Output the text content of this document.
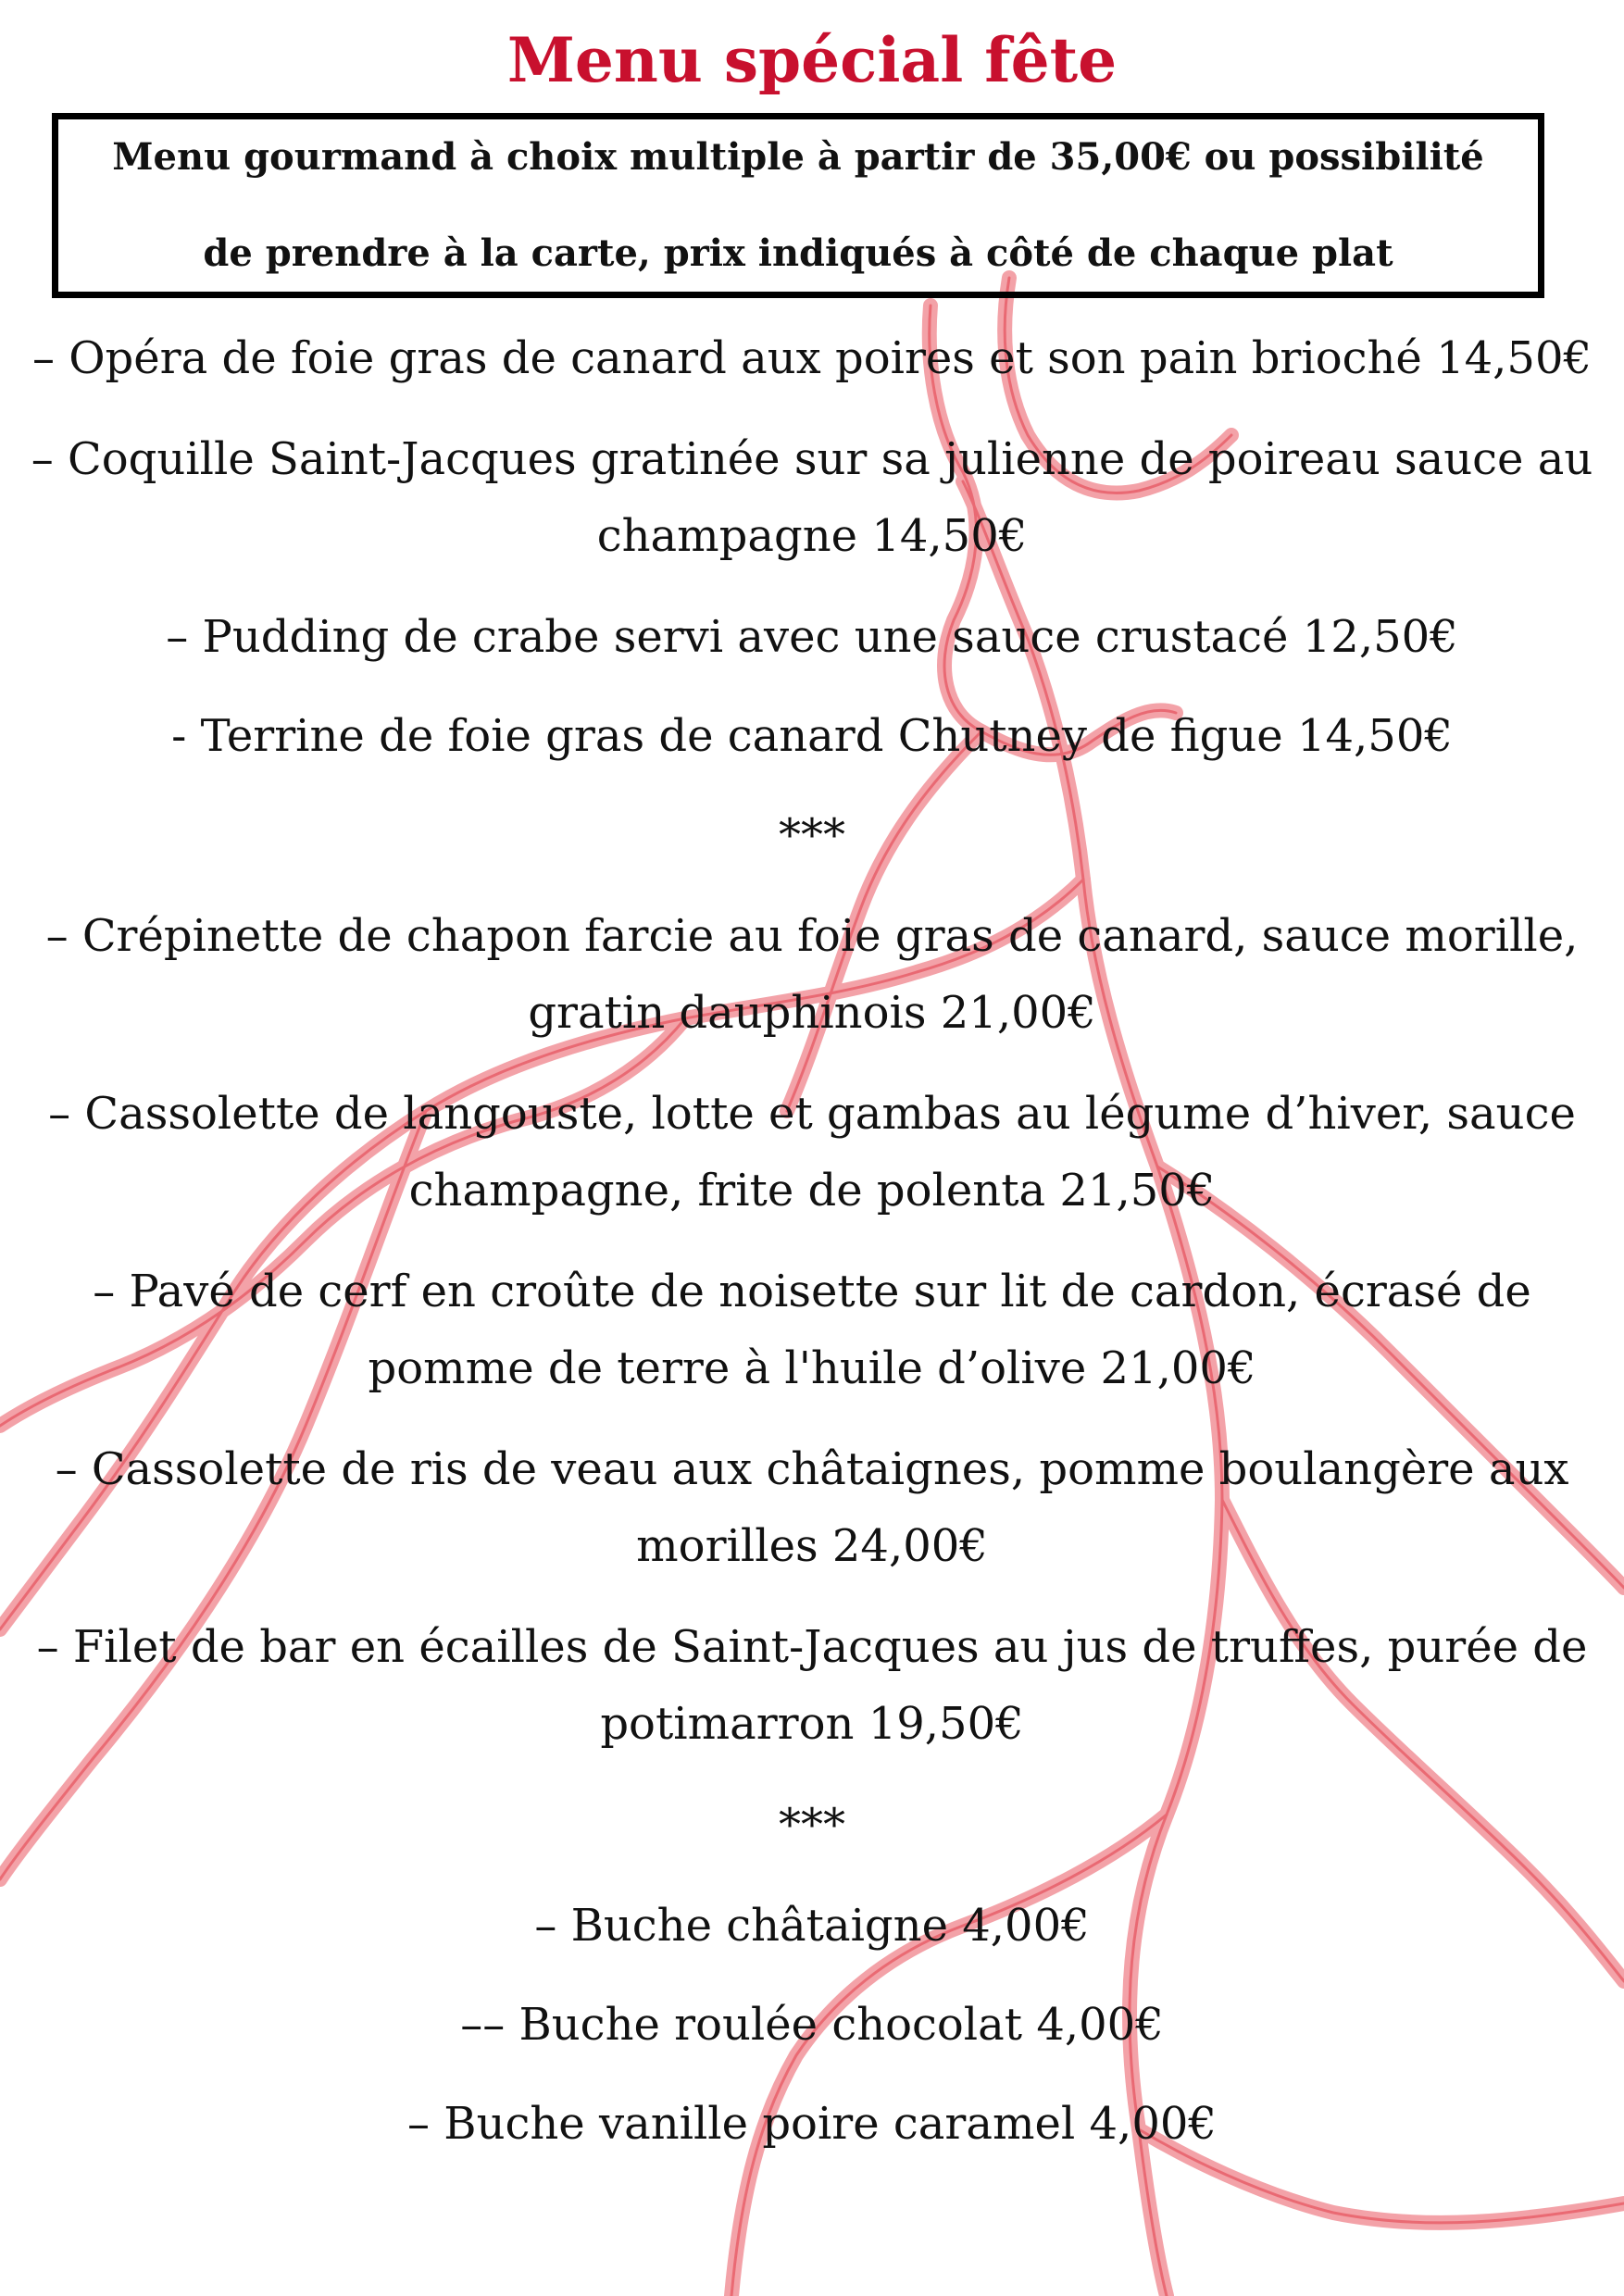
Menu spécial fête

Menu gourmand à choix multiple à partir de 35,00€ ou possibilité de prendre à la carte, prix indiqués à côté de chaque plat

– Opéra de foie gras de canard aux poires et son pain brioché 14,50€
– Coquille Saint-Jacques gratinée sur sa julienne de poireau sauce au champagne 14,50€
– Pudding de crabe servi avec une sauce crustacé 12,50€
- Terrine de foie gras de canard Chutney de figue 14,50€
***
– Crépinette de chapon farcie au foie gras de canard, sauce morille, gratin dauphinois 21,00€
– Cassolette de langouste, lotte et gambas au légume d’hiver, sauce champagne, frite de polenta 21,50€
– Pavé de cerf en croûte de noisette sur lit de cardon, écrasé de pomme de terre à l'huile d’olive 21,00€
– Cassolette de ris de veau aux châtaignes, pomme boulangère aux morilles 24,00€
– Filet de bar en écailles de Saint-Jacques au jus de truffes, purée de potimarron 19,50€
***
– Buche châtaigne 4,00€
–– Buche roulée chocolat 4,00€
– Buche vanille poire caramel 4,00€
